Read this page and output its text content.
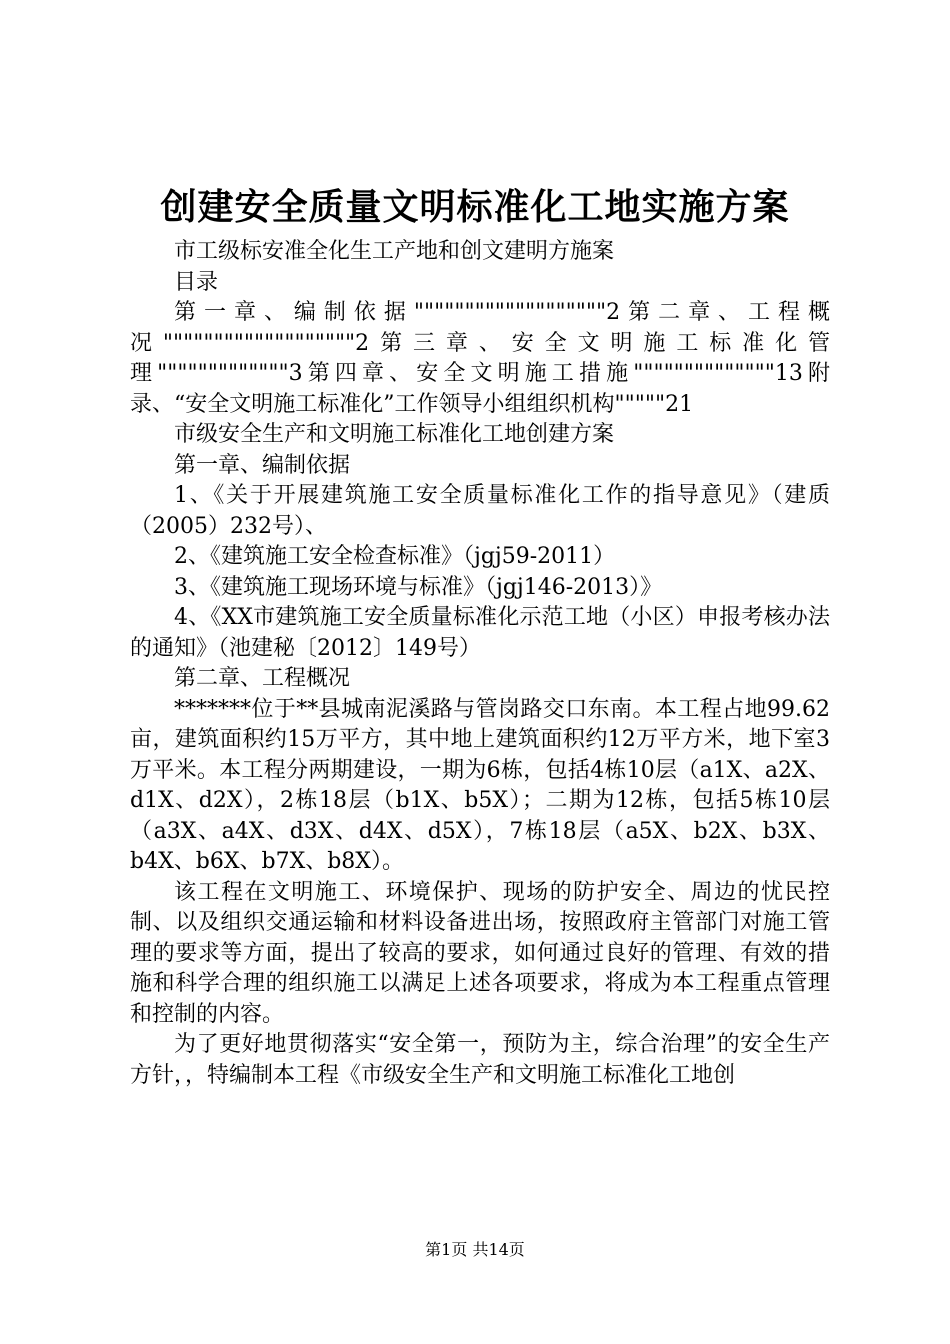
创建安全质量文明标准化工地实施方案

市工级标安准全化生工产地和创文建明方施案

目录

第一章、编制依据"""""""""""""""""""2第二章、工程概况"""""""""""""""""""2第三章、安全文明施工标准化管理"""""""""""""3第四章、安全文明施工措施""""""""""""""13附录、“安全文明施工标准化”工作领导小组组织机构"""""21

市级安全生产和文明施工标准化工地创建方案

第一章、编制依据

1、《关于开展建筑施工安全质量标准化工作的指导意见》（建质（2005）232号）、

2、《建筑施工安全检查标准》（jgj59-2011）

3、《建筑施工现场环境与标准》（jgj146-2013）》

4、《XX市建筑施工安全质量标准化示范工地（小区）申报考核办法的通知》（池建秘〔2012〕149号）

第二章、工程概况

*******位于**县城南泥溪路与管岗路交口东南。本工程占地99.62亩，建筑面积约15万平方，其中地上建筑面积约12万平方米，地下室3万平米。本工程分两期建设，一期为6栋，包括4栋10层（a1X、a2X、d1X、d2X），2栋18层（b1X、b5X）；二期为12栋，包括5栋10层（a3X、a4X、d3X、d4X、d5X），7栋18层（a5X、b2X、b3X、b4X、b6X、b7X、b8X）。

该工程在文明施工、环境保护、现场的防护安全、周边的忧民控制、以及组织交通运输和材料设备进出场，按照政府主管部门对施工管理的要求等方面，提出了较高的要求，如何通过良好的管理、有效的措施和科学合理的组织施工以满足上述各项要求，将成为本工程重点管理和控制的内容。

为了更好地贯彻落实“安全第一，预防为主，综合治理”的安全生产方针，，特编制本工程《市级安全生产和文明施工标准化工地创

第1页 共14页
